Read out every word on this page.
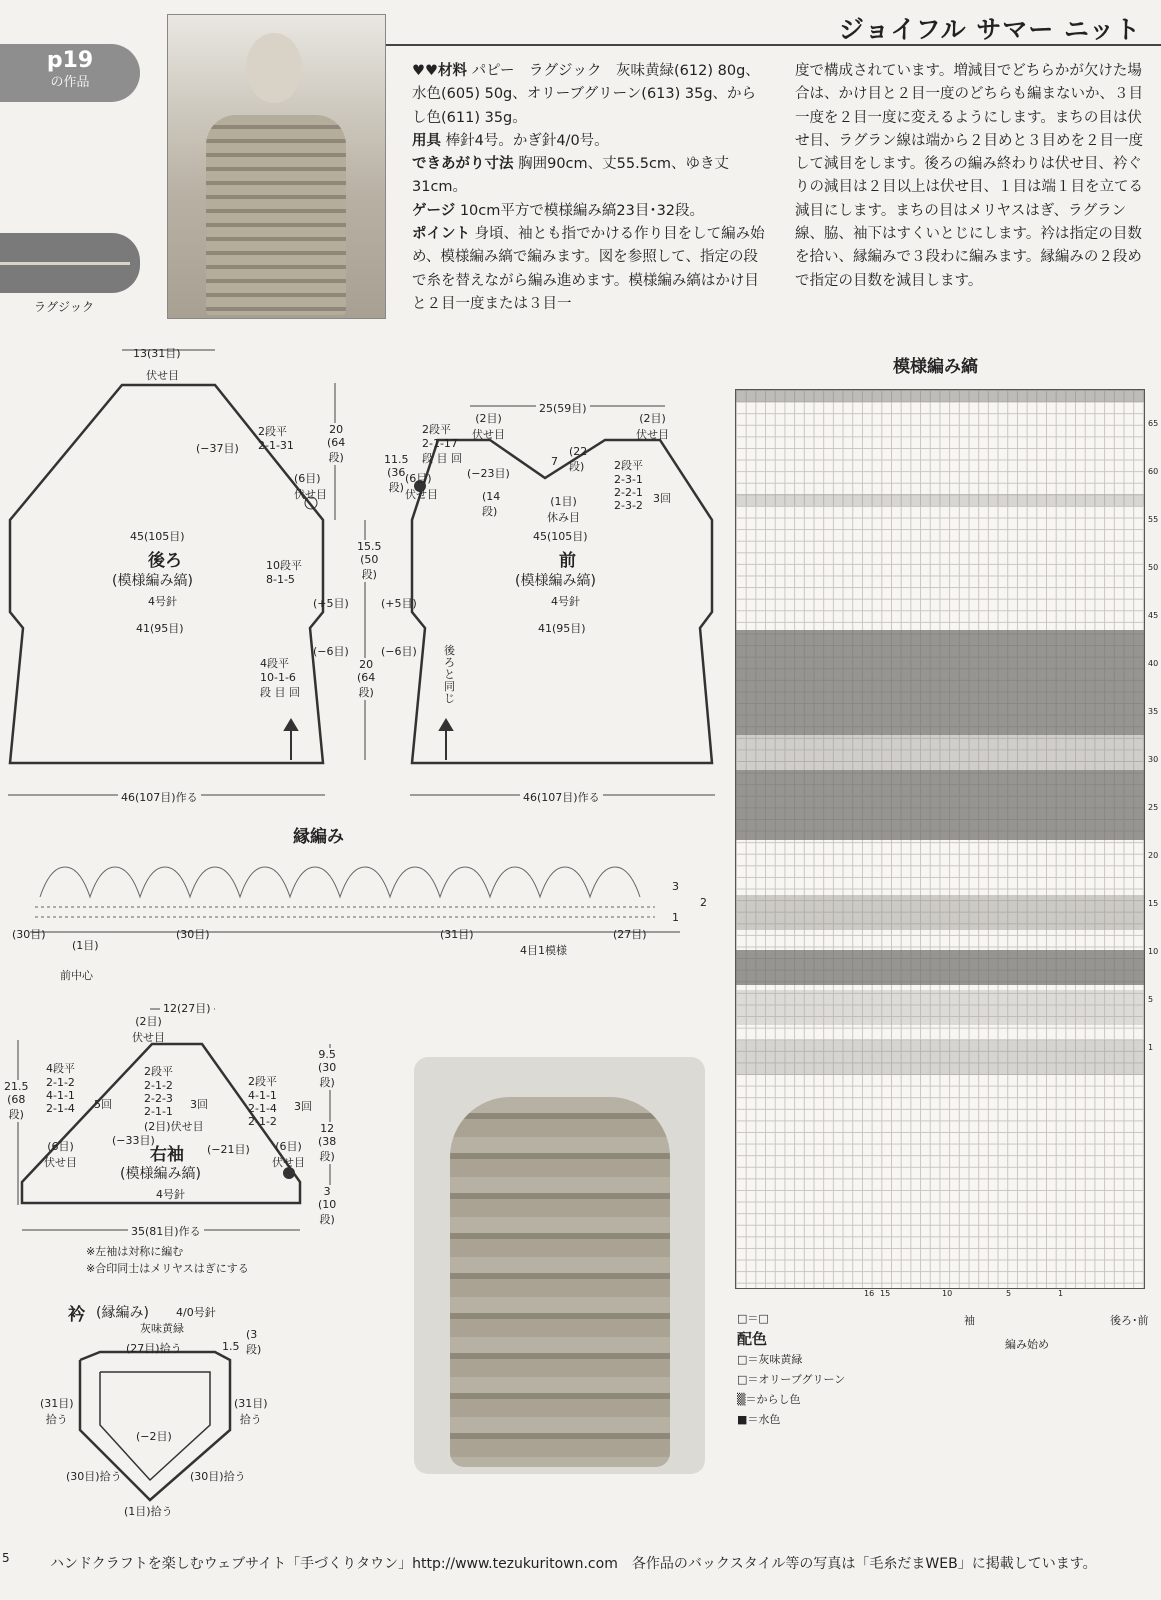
ジョイフル サマー ニット
p19
の作品
ラグジック

♥♥材料 パピー　ラグジック　灰味黄緑(612) 80g、水色(605) 50g、オリーブグリーン(613) 35g、からし色(611) 35g。

用具 棒針4号。かぎ針4/0号。

できあがり寸法 胸囲90cm、丈55.5cm、ゆき丈31cm。

ゲージ 10cm平方で模様編み縞23目･32段。

ポイント 身頃、袖とも指でかける作り目をして編み始め、模様編み縞で編みます。図を参照して、指定の段で糸を替えながら編み進めます。模様編み縞はかけ目と２目一度または３目一

度で構成されています。増減目でどちらかが欠けた場合は、かけ目と２目一度のどちらも編まないか、３目一度を２目一度に変えるようにします。まちの目は伏せ目、ラグラン線は端から２目めと３目めを２目一度して減目をします。後ろの編み終わりは伏せ目、衿ぐりの減目は２目以上は伏せ目、１目は端１目を立てる減目にします。まちの目はメリヤスはぎ、ラグラン線、脇、袖下はすくいとじにします。衿は指定の目数を拾い、縁編みで３段わに編みます。縁編みの２段めで指定の目数を減目します。

13(31目)
伏せ目
(−37目)
2段平
2-1-31
(6目)
伏せ目
45(105目)
後ろ
(模様編み縞)
4号針
10段平
8-1-5
(+5目)
41(95目)
(−6目)
4段平
10-1-6
段 目 回
46(107目)作る
20
(64
段)
15.5
(50
段)
20
(64
段)
11.5
(36
段)
25(59目)
(2目)
伏せ目
(2目)
伏せ目
2段平
2-1-17
段 目 回
(−23目)
7
(22
段)	2段平
2-3-1
2-2-1
2-3-2
3回
(1目)
休み目
(14
段)
(6目)
伏せ目
45(105目)
前
(模様編み縞)
4号針
(+5目)
41(95目)
(−6目) 後ろと同じ
46(107目)作る
縁編み
(30目)
(1目)
前中心
(30目)	(31目)	(27目)
4目1模様
3
2
1
12(27目)
(2目)
伏せ目
4段平
2-1-2
4-1-1
2-1-4 5回
2段平
2-1-2
2-2-3
2-1-1
(2目)伏せ目
3回
2段平
4-1-1
2-1-4
2-1-2
3回
(−33目)
(−21目)
右袖
(模様編み縞)
4号針
(6目)
伏せ目
(6目)
伏せ目
21.5
(68
段)
9.5
(30
段)
12
(38
段)
3
(10
段)
35(81目)作る
※左袖は対称に編む
※合印同士はメリヤスはぎにする
衿 (縁編み) 4/0号針
灰味黄緑
(27目)拾う	1.5
(3
段)
(31目)
拾う
(31目)
拾う
(−2目)
(30目)拾う	(30目)拾う
(1目)拾う
模様編み縞
65
60
55
50
45
40
35
30
25
20
15
10
5
1
16 15	10	5	1
袖	後ろ･前
編み始め
□＝□
配色
□＝灰味黄緑
□＝オリーブグリーン
▒＝からし色
■＝水色
5	ハンドクラフトを楽しむウェブサイト「手づくりタウン」http://www.tezukuritown.com　各作品のバックスタイル等の写真は「毛糸だまWEB」に掲載しています。
